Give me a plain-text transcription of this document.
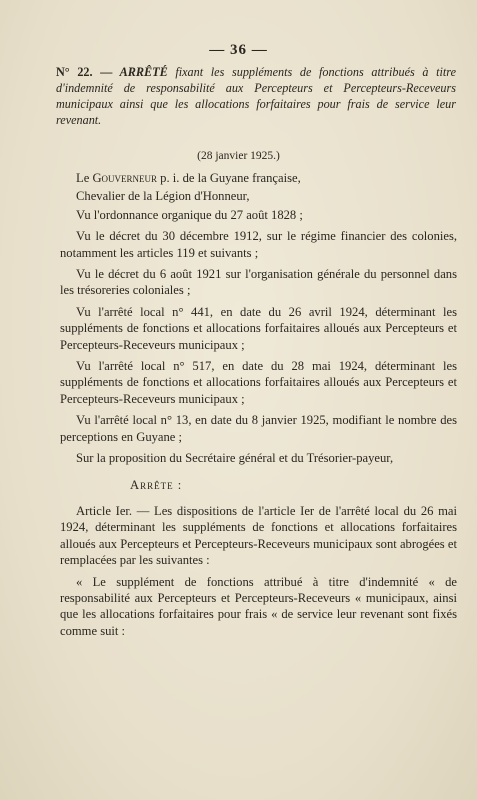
— 36 —
N° 22. — ARRÊTÉ fixant les suppléments de fonctions attribués à titre d'indemnité de responsabilité aux Percepteurs et Percepteurs-Receveurs municipaux ainsi que les allocations forfaitaires pour frais de service leur revenant.
(28 janvier 1925.)

Le Gouverneur p. i. de la Guyane française,

Chevalier de la Légion d'Honneur,

Vu l'ordonnance organique du 27 août 1828 ;

Vu le décret du 30 décembre 1912, sur le régime financier des colonies, notamment les articles 119 et suivants ;

Vu le décret du 6 août 1921 sur l'organisation générale du personnel dans les trésoreries coloniales ;

Vu l'arrêté local n° 441, en date du 26 avril 1924, déterminant les suppléments de fonctions et allocations forfaitaires alloués aux Percepteurs et Percepteurs-Receveurs municipaux ;

Vu l'arrêté local n° 517, en date du 28 mai 1924, déterminant les suppléments de fonctions et allocations forfaitaires alloués aux Percepteurs et Percepteurs-Receveurs municipaux ;

Vu l'arrêté local n° 13, en date du 8 janvier 1925, modifiant le nombre des perceptions en Guyane ;

Sur la proposition du Secrétaire général et du Trésorier-payeur,

Arrête :

Article Ier. — Les dispositions de l'article Ier de l'arrêté local du 26 mai 1924, déterminant les suppléments de fonctions et allocations forfaitaires alloués aux Percepteurs et Percepteurs-Receveurs municipaux sont abrogées et remplacées par les suivantes :

« Le supplément de fonctions attribué à titre d'indemnité « de responsabilité aux Percepteurs et Percepteurs-Receveurs « municipaux, ainsi que les allocations forfaitaires pour frais « de service leur revenant sont fixés comme suit :
